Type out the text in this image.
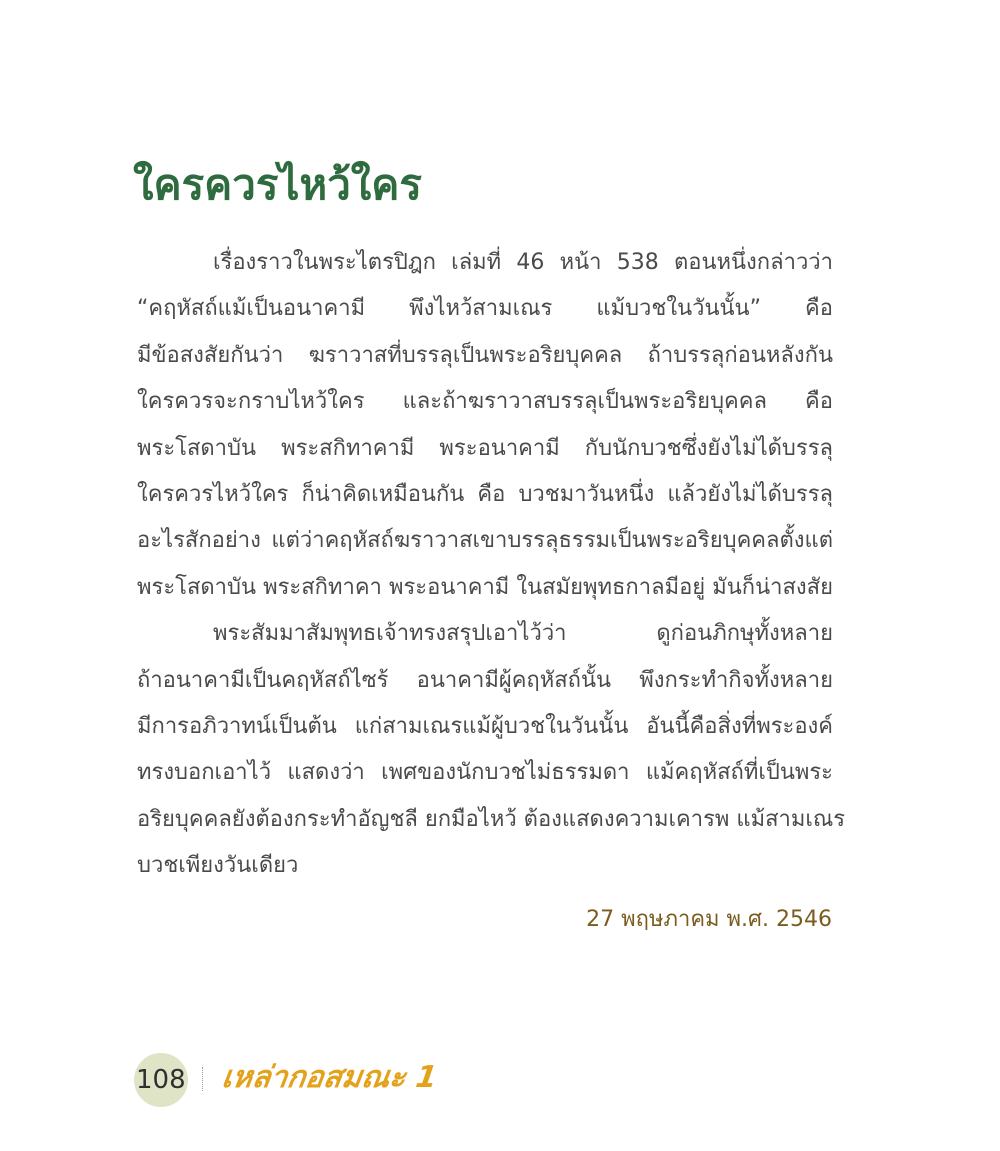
ใครควรไหว้ใคร
เรื่องราวในพระไตรปิฎก เล่มที่ 46 หน้า 538 ตอนหนึ่งกล่าวว่า
“คฤหัสถ์แม้เป็นอนาคามี พึงไหว้สามเณร แม้บวชในวันนั้น” คือ
มีข้อสงสัยกันว่า ฆราวาสที่บรรลุเป็นพระอริยบุคคล ถ้าบรรลุก่อนหลังกัน
ใครควรจะกราบไหว้ใคร และถ้าฆราวาสบรรลุเป็นพระอริยบุคคล คือ
พระโสดาบัน พระสกิทาคามี พระอนาคามี กับนักบวชซึ่งยังไม่ได้บรรลุ
ใครควรไหว้ใคร ก็น่าคิดเหมือนกัน คือ บวชมาวันหนึ่ง แล้วยังไม่ได้บรรลุ
อะไรสักอย่าง แต่ว่าคฤหัสถ์ฆราวาสเขาบรรลุธรรมเป็นพระอริยบุคคลตั้งแต่
พระโสดาบัน พระสกิทาคา พระอนาคามี ในสมัยพุทธกาลมีอยู่ มันก็น่าสงสัย
พระสัมมาสัมพุทธเจ้าทรงสรุปเอาไว้ว่า ดูก่อนภิกษุทั้งหลาย
ถ้าอนาคามีเป็นคฤหัสถ์ไซร้ อนาคามีผู้คฤหัสถ์นั้น พึงกระทำกิจทั้งหลาย
มีการอภิวาทน์เป็นต้น แก่สามเณรแม้ผู้บวชในวันนั้น อันนี้คือสิ่งที่พระองค์
ทรงบอกเอาไว้ แสดงว่า เพศของนักบวชไม่ธรรมดา แม้คฤหัสถ์ที่เป็นพระ
อริยบุคคลยังต้องกระทำอัญชลี ยกมือไหว้ ต้องแสดงความเคารพ แม้สามเณร
บวชเพียงวันเดียว
27 พฤษภาคม พ.ศ. 2546
108 เหล่ากอสมณะ 1
